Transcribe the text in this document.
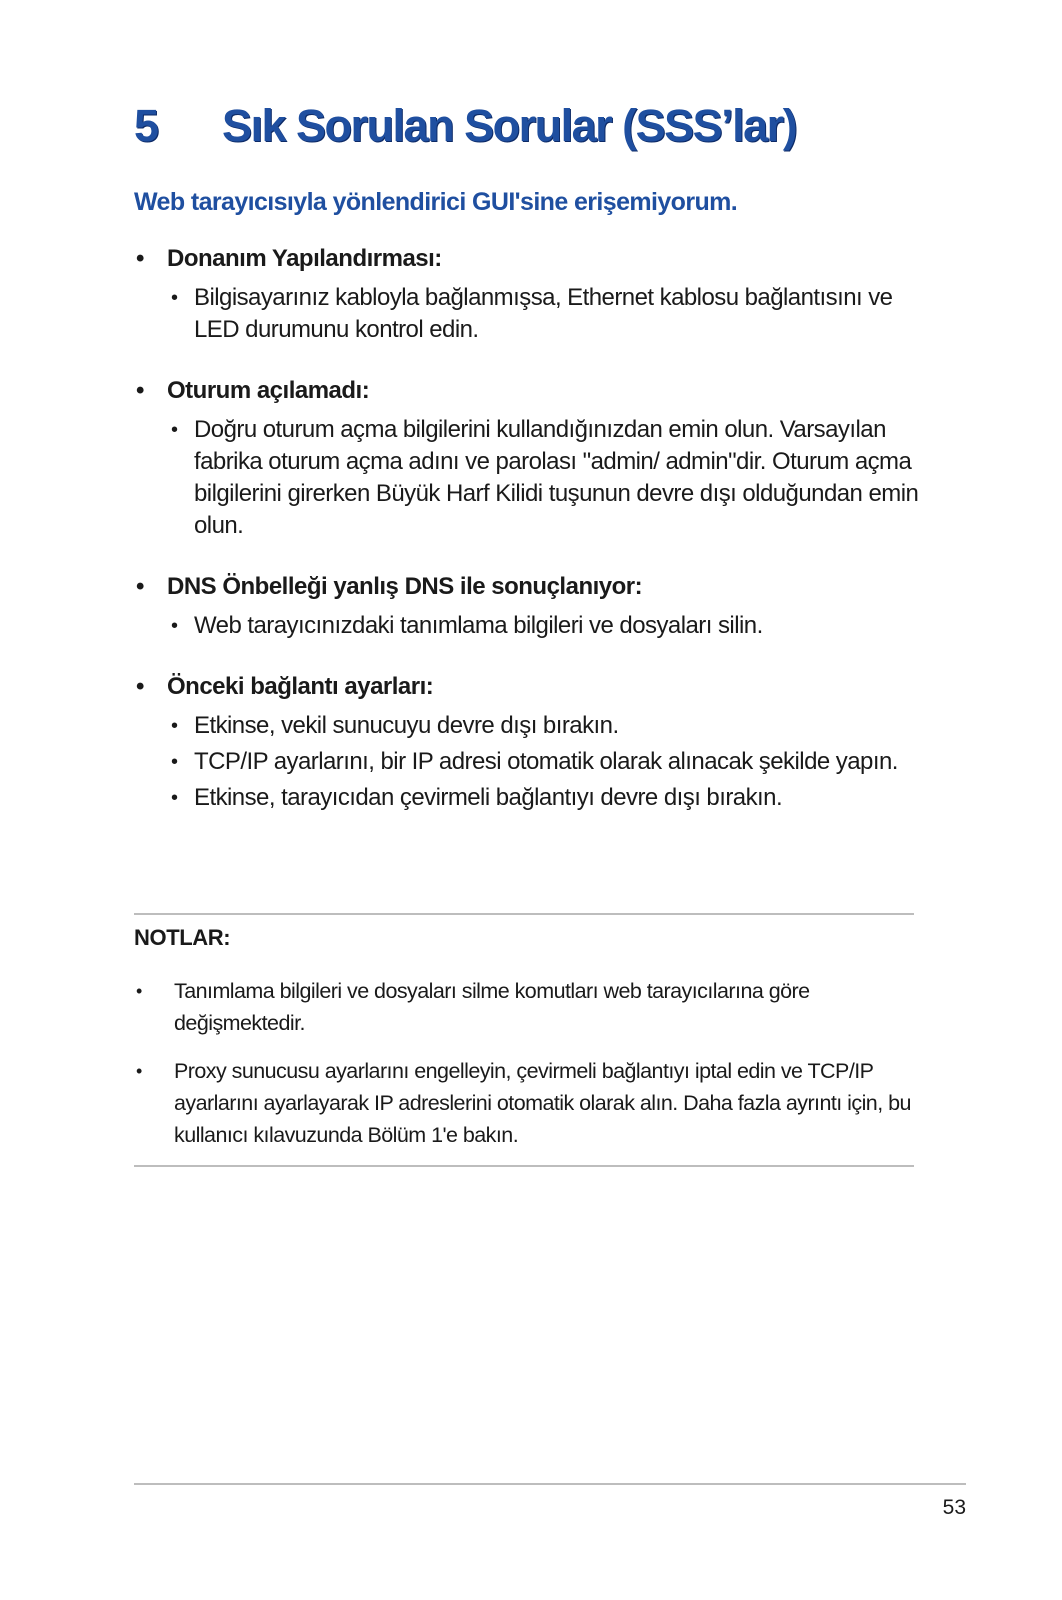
5 Sık Sorulan Sorular (SSS’lar)
Web tarayıcısıyla yönlendirici GUI'sine erişemiyorum.
• Donanım Yapılandırması:
• Bilgisayarınız kabloyla bağlanmışsa, Ethernet kablosu bağlantısını ve LED durumunu kontrol edin.
• Oturum açılamadı:
• Doğru oturum açma bilgilerini kullandığınızdan emin olun. Varsayılan fabrika oturum açma adını ve parolası "admin/ admin"dir. Oturum açma bilgilerini girerken Büyük Harf Kilidi tuşunun devre dışı olduğundan emin olun.
• DNS Önbelleği yanlış DNS ile sonuçlanıyor:
• Web tarayıcınızdaki tanımlama bilgileri ve dosyaları silin.
• Önceki bağlantı ayarları:
• Etkinse, vekil sunucuyu devre dışı bırakın.
• TCP/IP ayarlarını, bir IP adresi otomatik olarak alınacak şekilde yapın.
• Etkinse, tarayıcıdan çevirmeli bağlantıyı devre dışı bırakın.
NOTLAR:
• Tanımlama bilgileri ve dosyaları silme komutları web tarayıcılarına göre değişmektedir.
• Proxy sunucusu ayarlarını engelleyin, çevirmeli bağlantıyı iptal edin ve TCP/IP ayarlarını ayarlayarak IP adreslerini otomatik olarak alın. Daha fazla ayrıntı için, bu kullanıcı kılavuzunda Bölüm 1'e bakın.
53
